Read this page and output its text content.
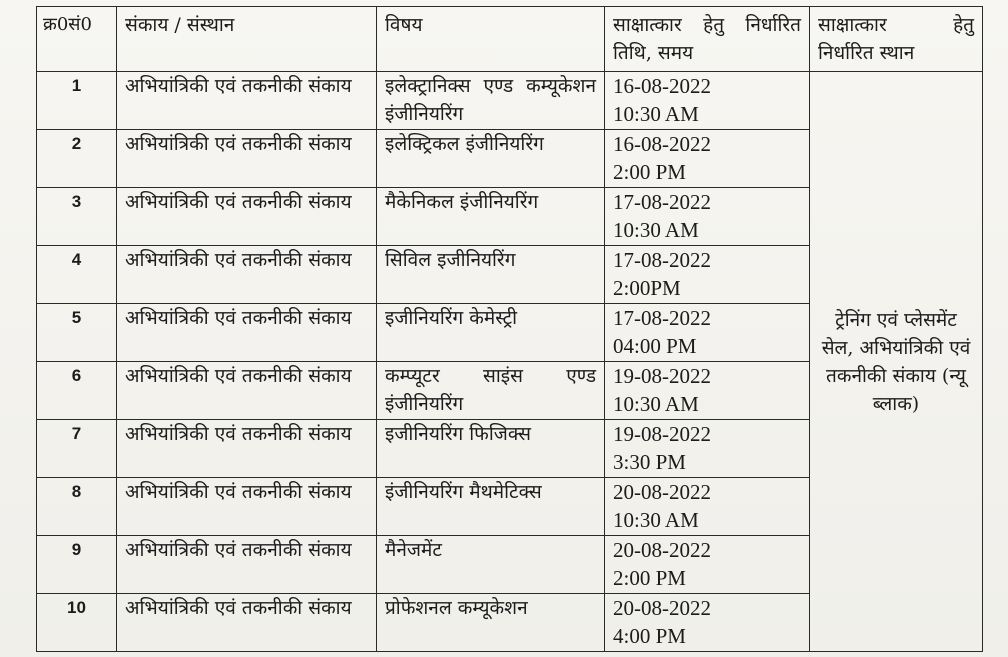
क्र0सं0	संकाय / संस्थान	विषय	साक्षात्कार हेतु निर्धारित तिथि, समय	साक्षात्कार हेतु
निर्धारित स्थान

1	अभियांत्रिकी एवं तकनीकी संकाय	इलेक्ट्रानिक्स एण्ड कम्यूकेशन इंजीनियरिंग	16-08-2022
10:30 AM	ट्रेनिंग एवं प्लेसमेंट सेल, अभियांत्रिकी एवं तकनीकी संकाय (न्यू ब्लाक)
2	अभियांत्रिकी एवं तकनीकी संकाय	इलेक्ट्रिकल इंजीनियरिंग	16-08-2022
2:00 PM	

3	अभियांत्रिकी एवं तकनीकी संकाय	मैकेनिकल इंजीनियरिंग	17-08-2022
10:30 AM	

4	अभियांत्रिकी एवं तकनीकी संकाय	सिविल इजीनियरिंग	17-08-2022
2:00PM	

5	अभियांत्रिकी एवं तकनीकी संकाय	इजीनियरिंग केमेस्ट्री	17-08-2022
04:00 PM	

6	अभियांत्रिकी एवं तकनीकी संकाय	कम्प्यूटर साइंस एण्ड इंजीनियरिंग	19-08-2022
10:30 AM	

7	अभियांत्रिकी एवं तकनीकी संकाय	इजीनियरिंग फिजिक्स	19-08-2022
3:30 PM	

8	अभियांत्रिकी एवं तकनीकी संकाय	इंजीनियरिंग मैथमेटिक्स	20-08-2022
10:30 AM	

9	अभियांत्रिकी एवं तकनीकी संकाय	मैनेजमेंट	20-08-2022
2:00 PM	

10	अभियांत्रिकी एवं तकनीकी संकाय	प्रोफेशनल कम्यूकेशन	20-08-2022
4:00 PM	
